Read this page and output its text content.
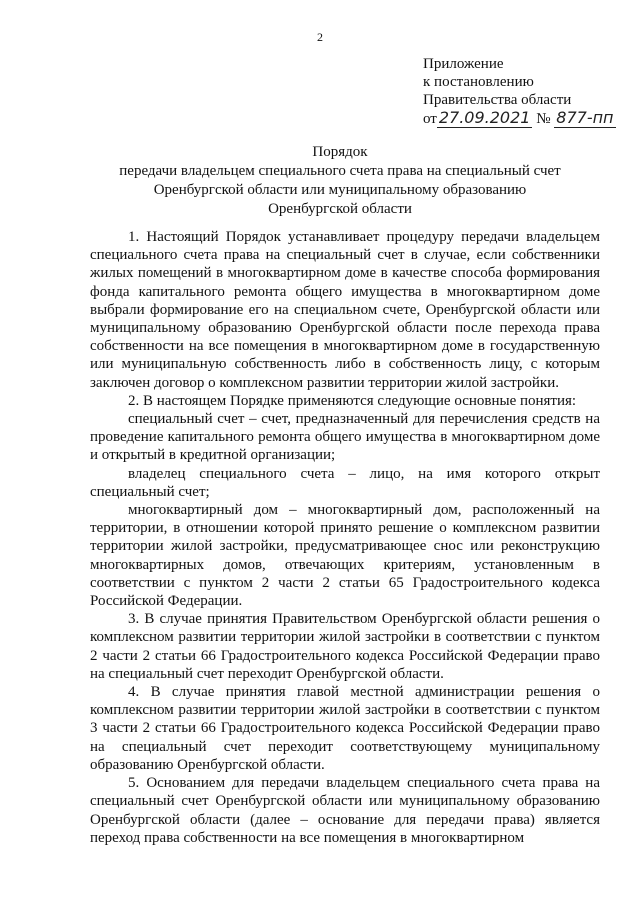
2
Приложение
к постановлению
Правительства области
от 27.09.2021 № 877-пп
Порядок
передачи владельцем специального счета права на специальный счет
Оренбургской области или муниципальному образованию
Оренбургской области

1. Настоящий Порядок устанавливает процедуру передачи владельцем специального счета права на специальный счет в случае, если собственники жилых помещений в многоквартирном доме в качестве способа формирования фонда капитального ремонта общего имущества в многоквартирном доме выбрали формирование его на специальном счете, Оренбургской области или муниципальному образованию Оренбургской области после перехода права собственности на все помещения в многоквартирном доме в государственную или муниципальную собственность либо в собственность лицу, с которым заключен договор о комплексном развитии территории жилой застройки.

2. В настоящем Порядке применяются следующие основные понятия:

специальный счет – счет, предназначенный для перечисления средств на проведение капитального ремонта общего имущества в многоквартирном доме и открытый в кредитной организации;

владелец специального счета – лицо, на имя которого открыт специальный счет;

многоквартирный дом – многоквартирный дом, расположенный на территории, в отношении которой принято решение о комплексном развитии территории жилой застройки, предусматривающее снос или реконструкцию многоквартирных домов, отвечающих критериям, установленным в соответствии с пунктом 2 части 2 статьи 65 Градостроительного кодекса Российской Федерации.

3. В случае принятия Правительством Оренбургской области решения о комплексном развитии территории жилой застройки в соответствии с пунктом 2 части 2 статьи 66 Градостроительного кодекса Российской Федерации право на специальный счет переходит Оренбургской области.

4. В случае принятия главой местной администрации решения о комплексном развитии территории жилой застройки в соответствии с пунктом 3 части 2 статьи 66 Градостроительного кодекса Российской Федерации право на специальный счет переходит соответствующему муниципальному образованию Оренбургской области.

5. Основанием для передачи владельцем специального счета права на специальный счет Оренбургской области или муниципальному образованию Оренбургской области (далее – основание для передачи права) является переход права собственности на все помещения в многоквартирном
